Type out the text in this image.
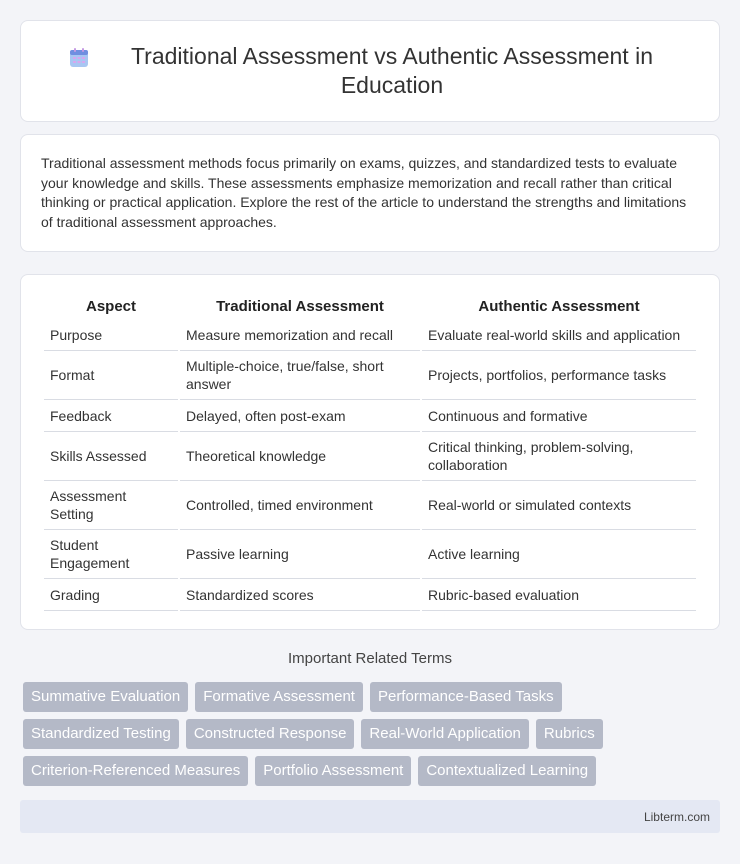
Traditional Assessment vs Authentic Assessment in Education

Traditional assessment methods focus primarily on exams, quizzes, and standardized tests to evaluate your knowledge and skills. These assessments emphasize memorization and recall rather than critical thinking or practical application. Explore the rest of the article to understand the strengths and limitations of traditional assessment approaches.

Aspect	Traditional Assessment	Authentic Assessment
Purpose	Measure memorization and recall	Evaluate real-world skills and application
Format	Multiple-choice, true/false, short answer	Projects, portfolios, performance tasks
Feedback	Delayed, often post-exam	Continuous and formative
Skills Assessed	Theoretical knowledge	Critical thinking, problem-solving, collaboration
Assessment Setting	Controlled, timed environment	Real-world or simulated contexts
Student Engagement	Passive learning	Active learning
Grading	Standardized scores	Rubric-based evaluation
Important Related Terms
Summative Evaluation	Formative Assessment	Performance-Based Tasks
Standardized Testing	Constructed Response	Real-World Application	Rubrics
Criterion-Referenced Measures	Portfolio Assessment	Contextualized Learning
Libterm.com
